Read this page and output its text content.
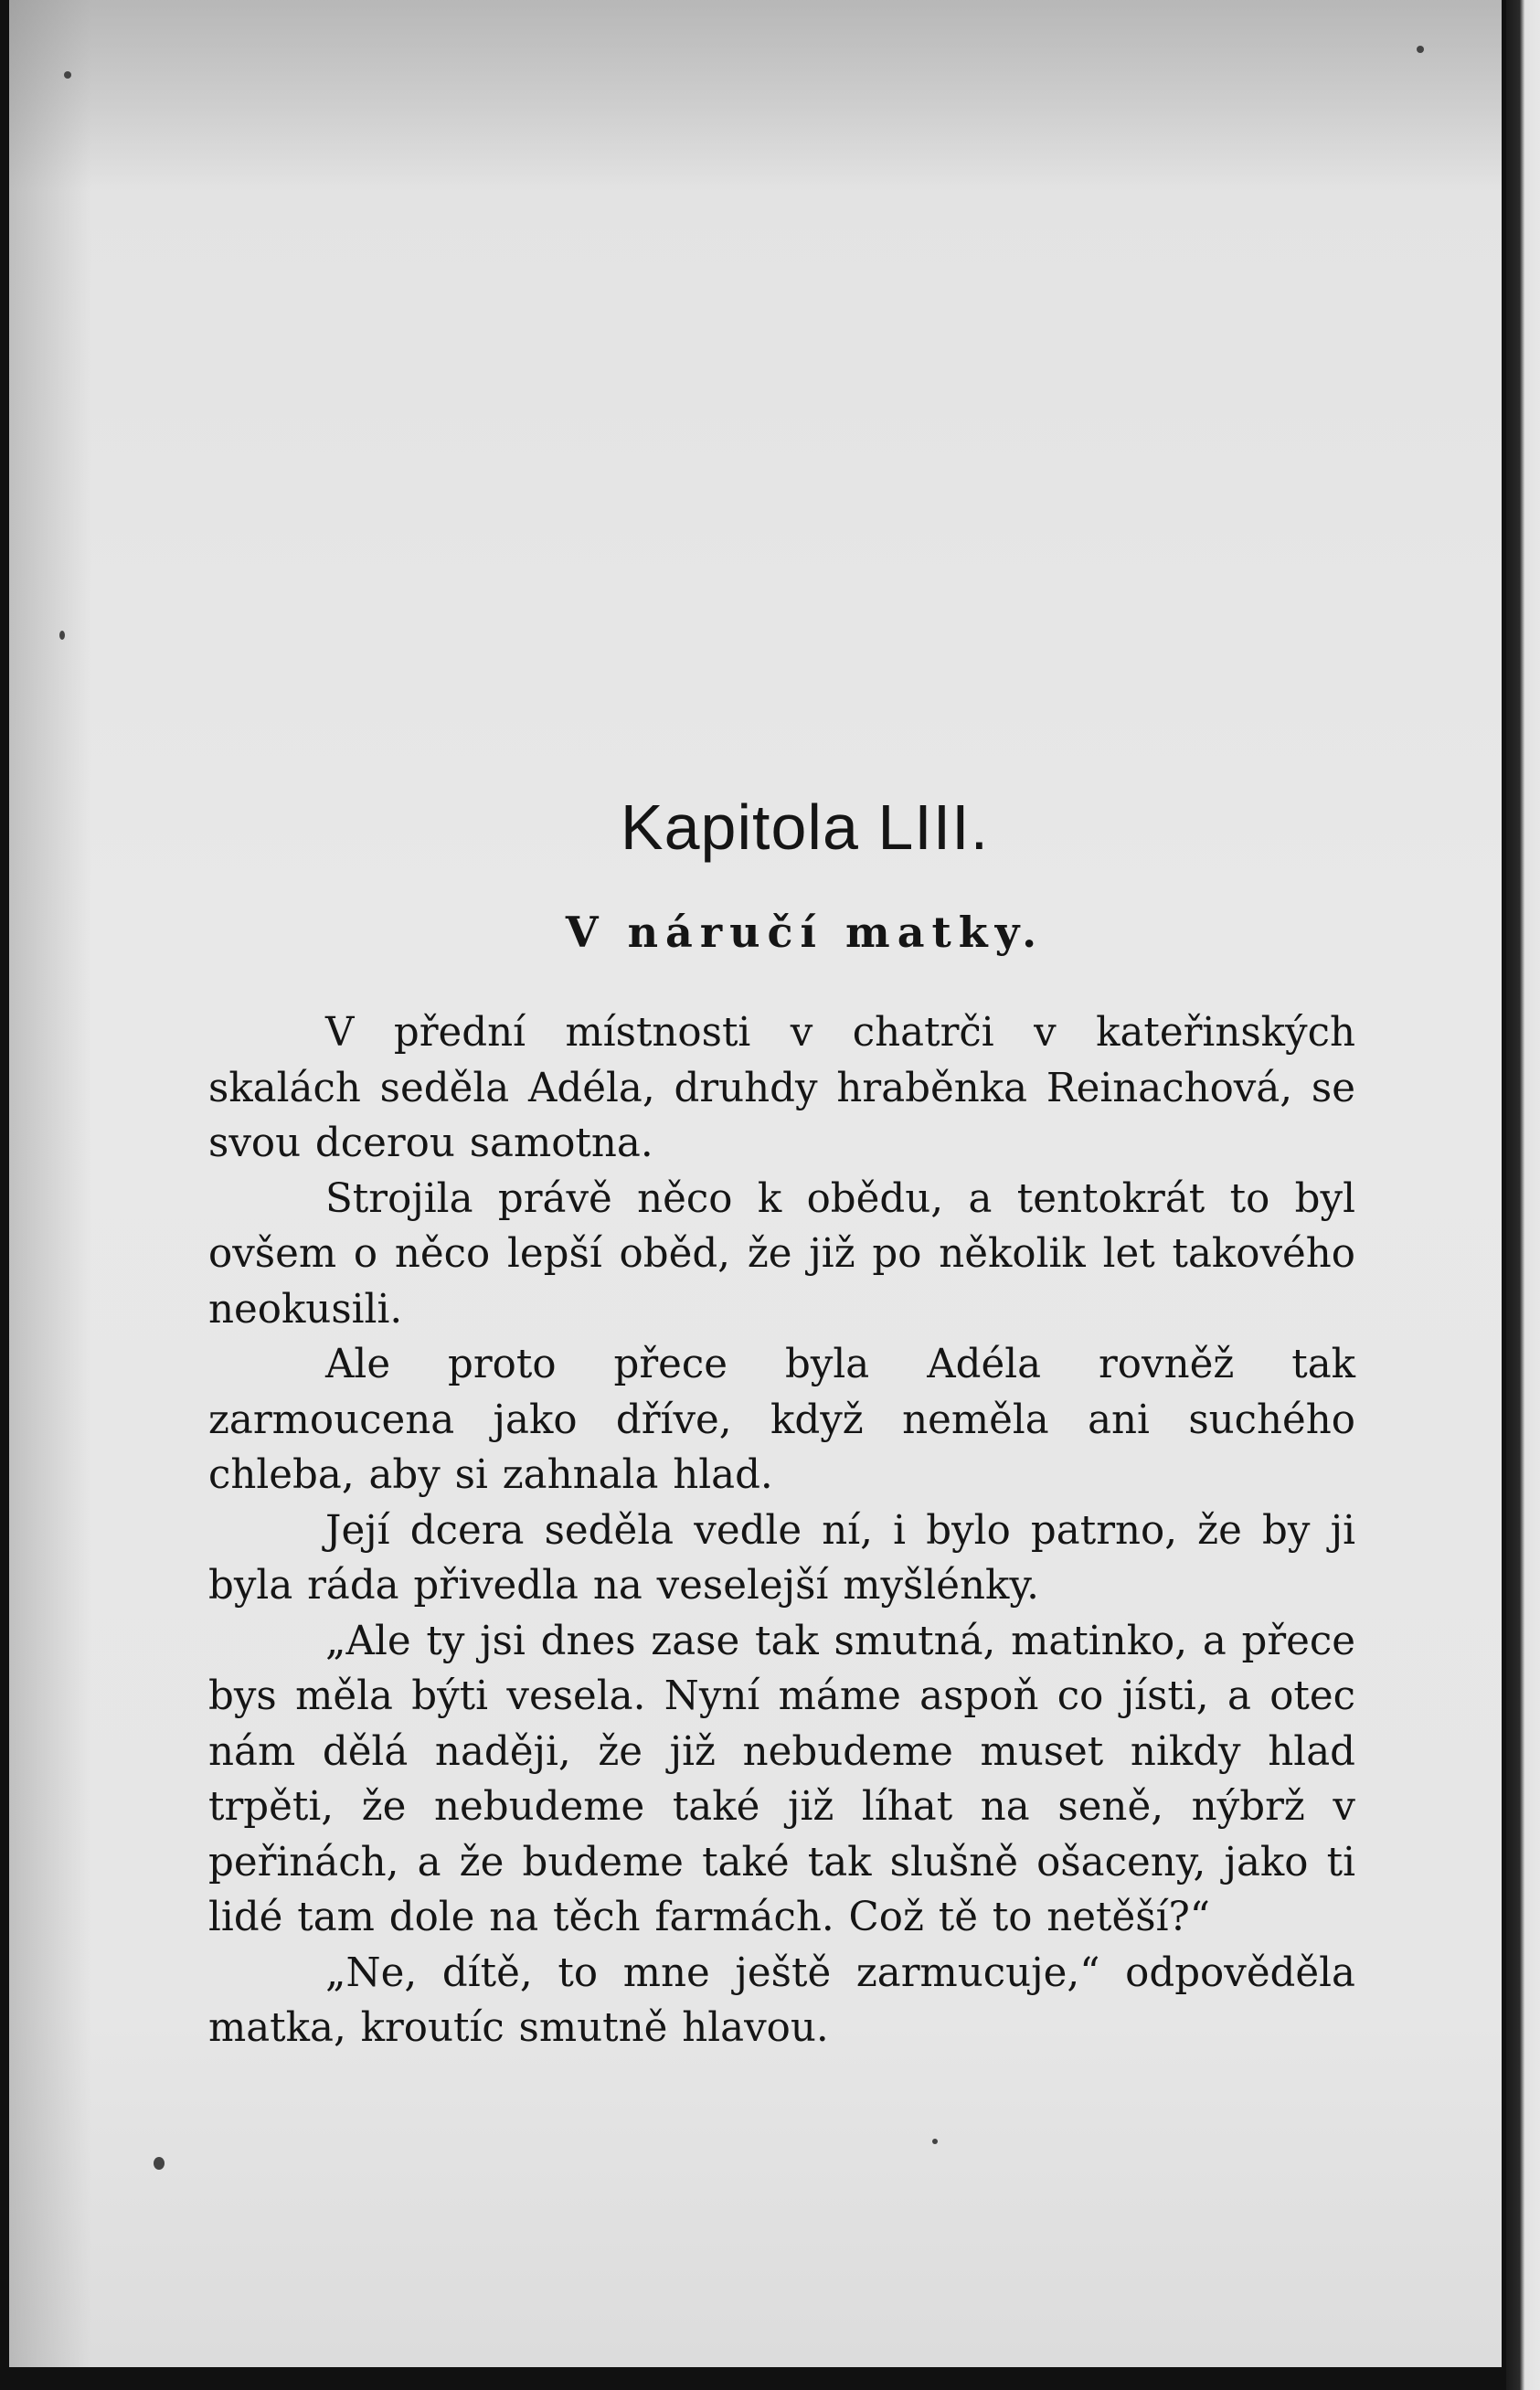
Kapitola LIII.
V náručí matky.

V přední místnosti v chatrči v kateřinských skalách seděla Adéla, druhdy hraběnka Reinachová, se svou dcerou samotna.

Strojila právě něco k obědu, a tentokrát to byl ovšem o něco lepší oběd, že již po několik let takového neokusili.

Ale proto přece byla Adéla rovněž tak zarmoucena jako dříve, když neměla ani suchého chleba, aby si zahnala hlad.

Její dcera seděla vedle ní, i bylo patrno, že by ji byla ráda přivedla na veselejší myšlénky.

„Ale ty jsi dnes zase tak smutná, matinko, a přece bys měla býti vesela. Nyní máme aspoň co jísti, a otec nám dělá naději, že již nebudeme muset nikdy hlad trpěti, že nebudeme také již líhat na seně, nýbrž v peřinách, a že budeme také tak slušně ošaceny, jako ti lidé tam dole na těch farmách. Což tě to netěší?“

„Ne, dítě, to mne ještě zarmucuje,“ odpověděla matka, kroutíc smutně hlavou.
